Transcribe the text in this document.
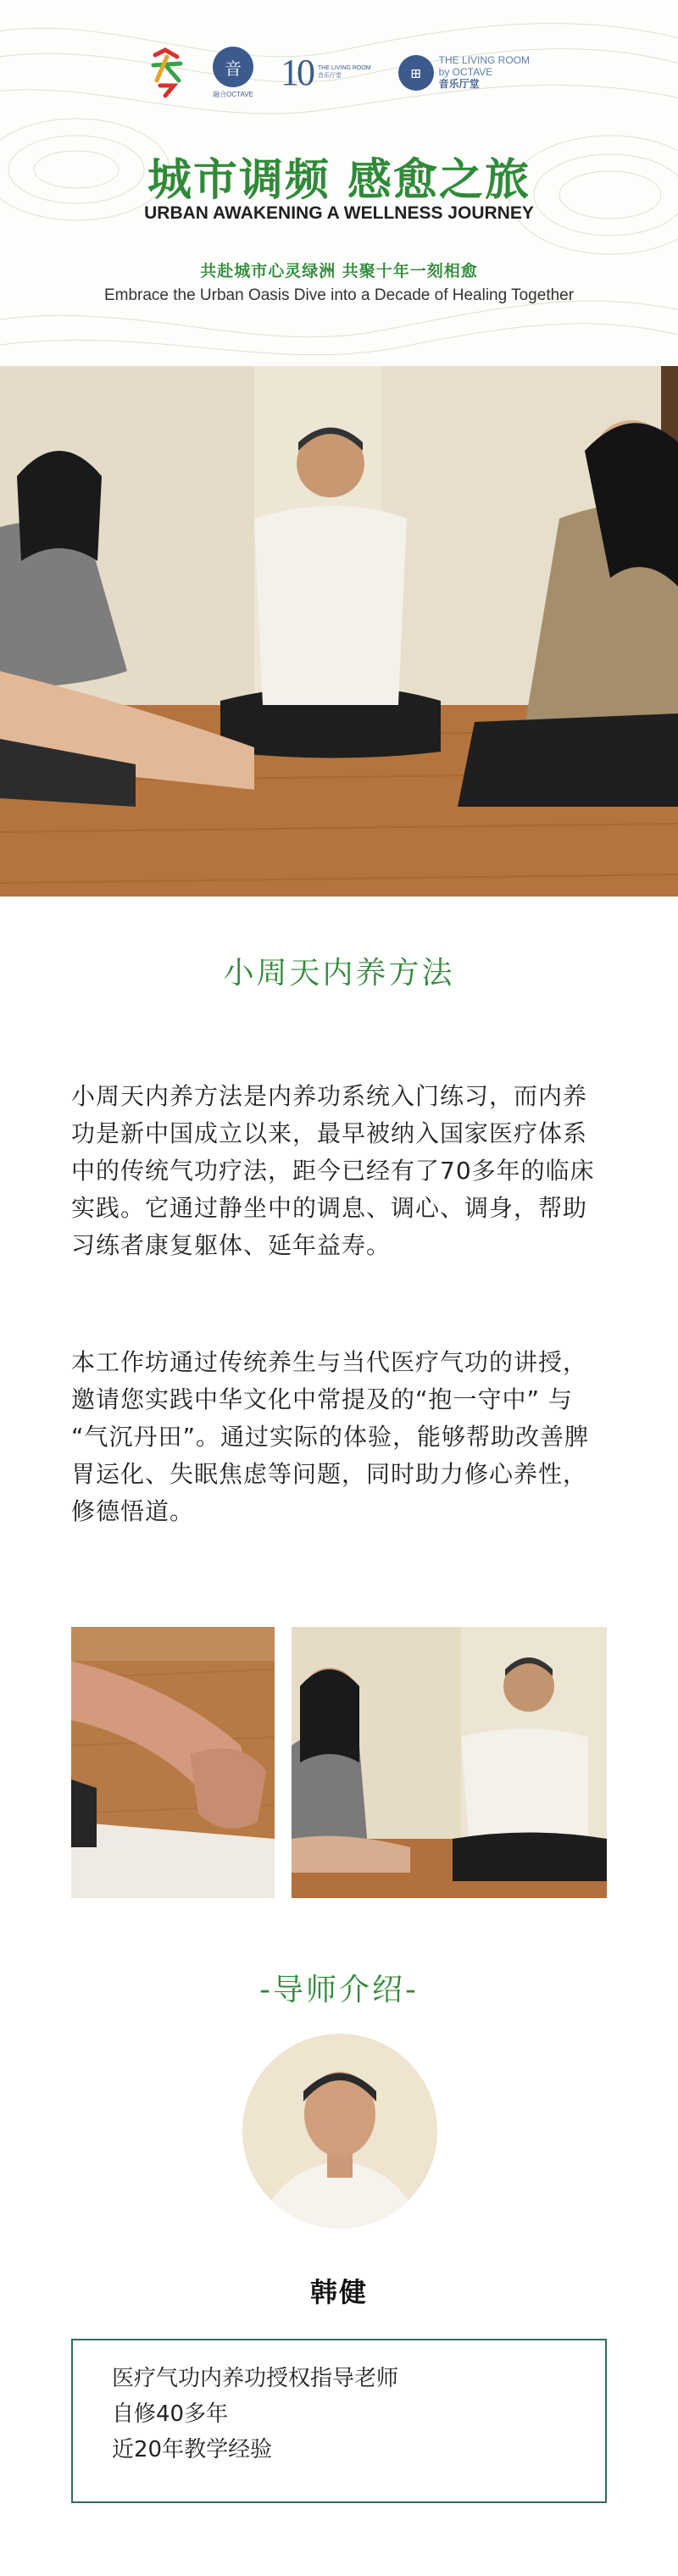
音
融合OCTAVE
10 THE LIVING ROOM
音乐厅堂	⊞
THE LIVING ROOM
by OCTAVE
音乐厅堂
城市调频 感愈之旅
URBAN AWAKENING A WELLNESS JOURNEY
共赴城市心灵绿洲 共聚十年一刻相愈
Embrace the Urban Oasis Dive into a Decade of Healing Together
小周天内养方法

小周天内养方法是内养功系统入门练习，而内养功是新中国成立以来，最早被纳入国家医疗体系中的传统气功疗法，距今已经有了70多年的临床实践。它通过静坐中的调息、调心、调身，帮助习练者康复躯体、延年益寿。

本工作坊通过传统养生与当代医疗气功的讲授，邀请您实践中华文化中常提及的“抱一守中” 与 “气沉丹田”。通过实际的体验，能够帮助改善脾胃运化、失眠焦虑等问题，同时助力修心养性，修德悟道。

-导师介绍-
韩健
医疗气功内养功授权指导老师
自修40多年
近20年教学经验
